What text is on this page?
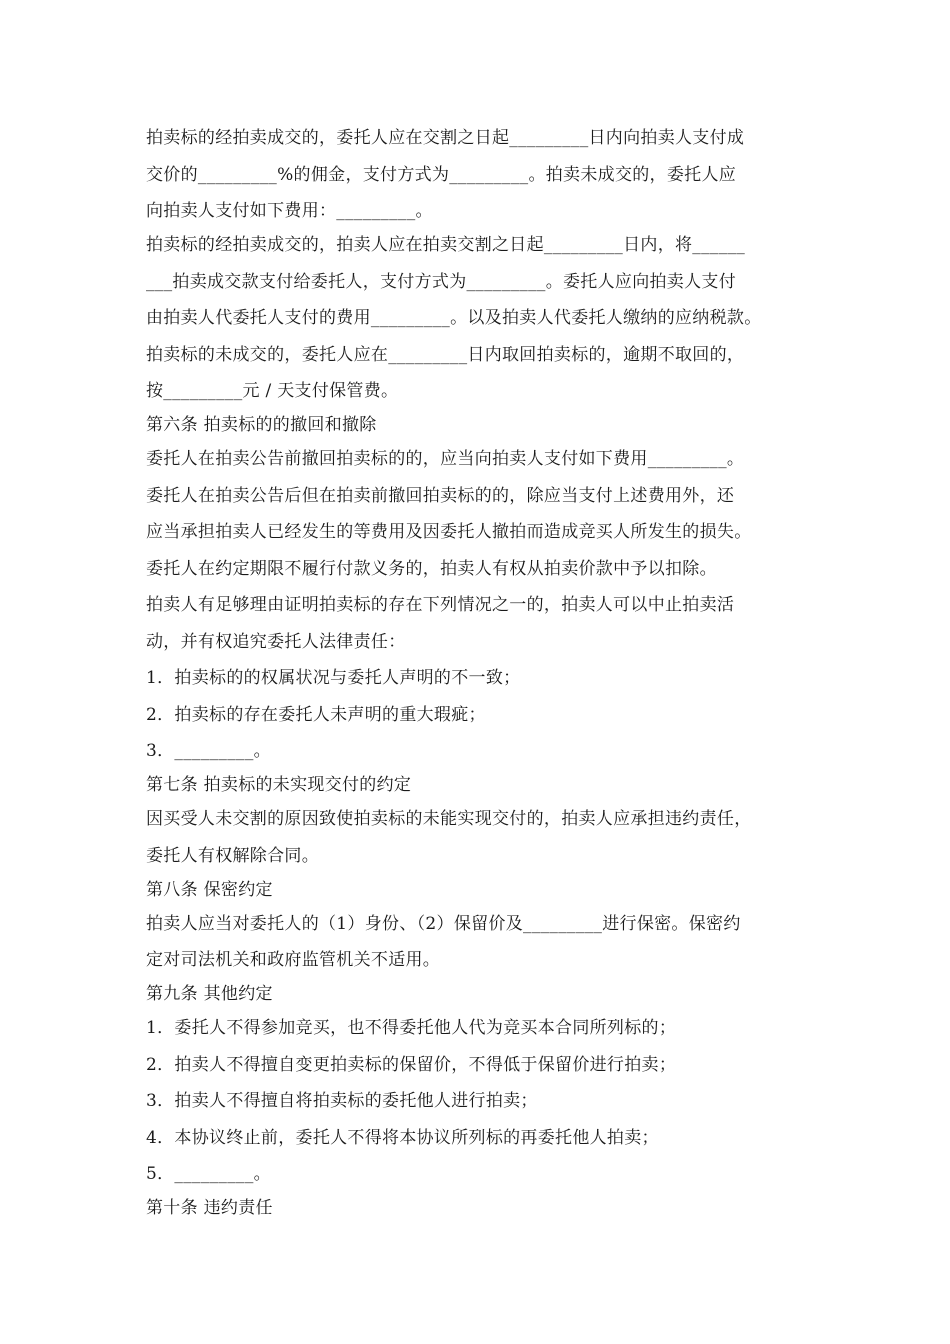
拍卖标的经拍卖成交的，委托人应在交割之日起_________日内向拍卖人支付成
交价的_________%的佣金，支付方式为_________。拍卖未成交的，委托人应
向拍卖人支付如下费用：_________。
拍卖标的经拍卖成交的，拍卖人应在拍卖交割之日起_________日内，将______
___拍卖成交款支付给委托人，支付方式为_________。委托人应向拍卖人支付
由拍卖人代委托人支付的费用_________。以及拍卖人代委托人缴纳的应纳税款。
拍卖标的未成交的，委托人应在_________日内取回拍卖标的，逾期不取回的，
按_________元 / 天支付保管费。
第六条 拍卖标的的撤回和撤除
委托人在拍卖公告前撤回拍卖标的的，应当向拍卖人支付如下费用_________。
委托人在拍卖公告后但在拍卖前撤回拍卖标的的，除应当支付上述费用外，还
应当承担拍卖人已经发生的等费用及因委托人撤拍而造成竞买人所发生的损失。
委托人在约定期限不履行付款义务的，拍卖人有权从拍卖价款中予以扣除。
拍卖人有足够理由证明拍卖标的存在下列情况之一的，拍卖人可以中止拍卖活
动，并有权追究委托人法律责任：
1．拍卖标的的权属状况与委托人声明的不一致；
2．拍卖标的存在委托人未声明的重大瑕疵；
3．_________。
第七条 拍卖标的未实现交付的约定
因买受人未交割的原因致使拍卖标的未能实现交付的，拍卖人应承担违约责任，
委托人有权解除合同。
第八条 保密约定
拍卖人应当对委托人的（1）身份、（2）保留价及_________进行保密。保密约
定对司法机关和政府监管机关不适用。
第九条 其他约定
1．委托人不得参加竞买，也不得委托他人代为竞买本合同所列标的；
2．拍卖人不得擅自变更拍卖标的保留价，不得低于保留价进行拍卖；
3．拍卖人不得擅自将拍卖标的委托他人进行拍卖；
4．本协议终止前，委托人不得将本协议所列标的再委托他人拍卖；
5．_________。
第十条 违约责任
